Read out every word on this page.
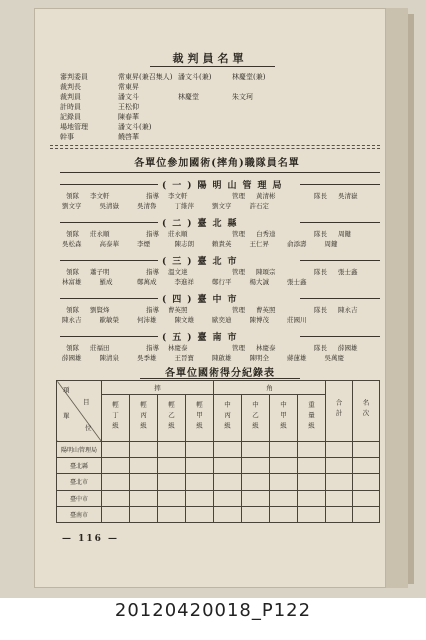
裁判員名單
審判委員	常東昇(兼召集人) 潘文斗(兼)	林慶堂(兼)
裁判長	常東昇
裁判員	潘文斗	林慶堂	朱文珂
計時員	王松仰
記錄員	陳春華
場地管理	潘文斗(兼)
幹事	饒啓華
各單位參加國術(摔角)職隊員名單
(一)陽明山管理局
領隊 李文軒	指導 李文軒	管理 黃清彬	隊長 吳清嶽
劉文亨	吳清嶽	吳清魯	丁維萍	劉文亨	許石定
(二)臺北縣
領隊 莊永順	指導 莊永順	管理 白秀逵	隊長 周鍵
吳松森	高泰華	李煙	陳志朗	賴貴英	王仁昇	俞添壽	周鍵
(三)臺北市
領隊 蕭子明	指導 溫文達	管理 陳頌宗	隊長 張士鑫
林富雄	羅成	鄭萬成	李進祥	鄭行平	楊大誠	張士鑫
(四)臺中市
領隊 劉賢烽	指導 曹英照	管理 曹英照	隊長 陳永吉
陳永吉	歐敏榮	何沛雄	陳文雄	歐奕迪	陳博茂	莊國川
(五)臺南市
領隊 莊福田	指導 林慶泰	管理 林慶泰	隊長 薛國雄
薛國雄	陳清泉	吳季雄	王晉寶	陳啟雄	陳明全	蔣蓮雄	吳萬慶
各單位國術得分紀錄表
項
目
單
位	摔				角				合計	名次
	輕丁級	輕丙級	輕乙級	輕甲級	中丙級	中乙級	中甲級	重量級		
陽明山管理局										
臺北縣										
臺北市										
臺中市										
臺南市										
— 116 —
20120420018_P122
